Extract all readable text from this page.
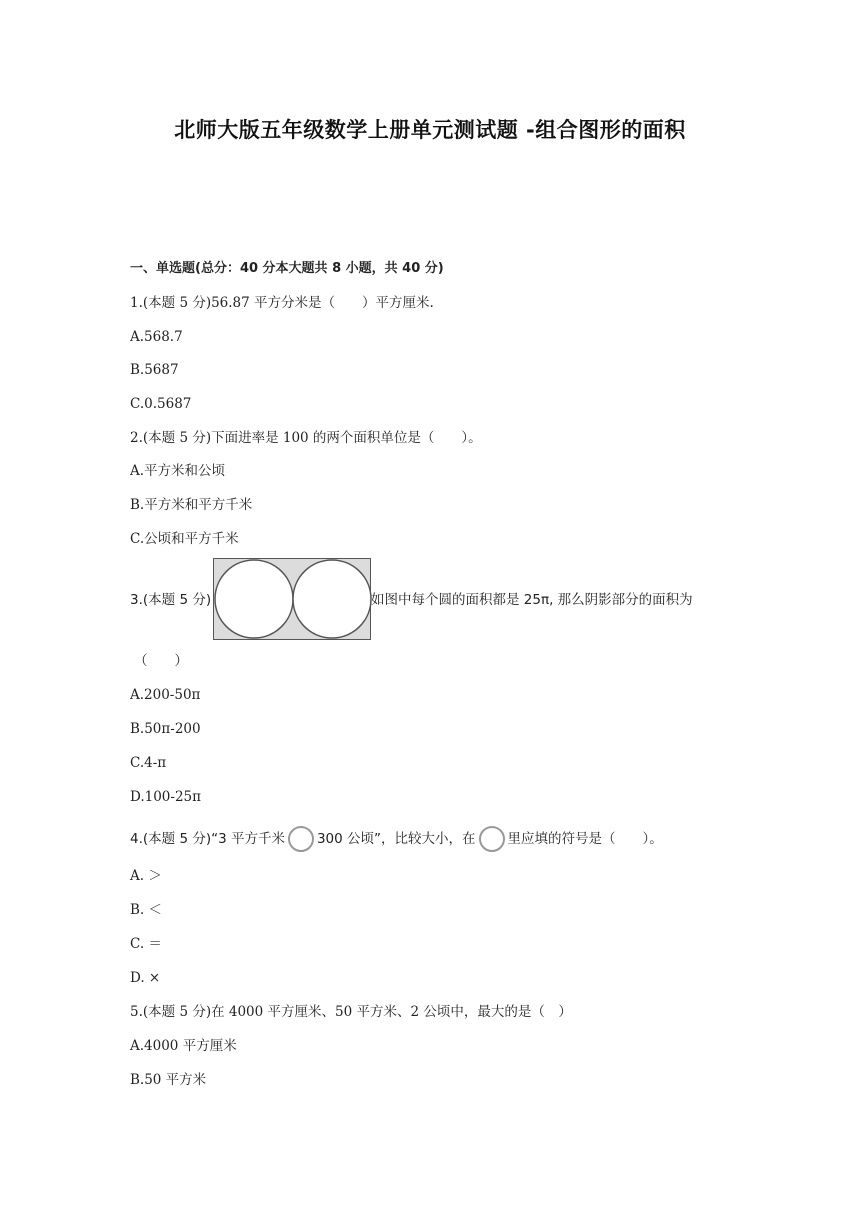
北师大版五年级数学上册单元测试题 -组合图形的面积
一、单选题(总分：40 分本大题共 8 小题，共 40 分)
1.(本题 5 分)56.87 平方分米是（　　）平方厘米.
A.568.7
B.5687
C.0.5687
2.(本题 5 分)下面进率是 100 的两个面积单位是（　　）。
A.平方米和公顷
B.平方米和平方千米
C.公顷和平方千米
3.(本题 5 分)	如图中每个圆的面积都是 25π, 那么阴影部分的面积为
（　　）
A.200-50π
B.50π-200
C.4-π
D.100-25π
4.(本题 5 分)“3 平方千米 300 公顷”，比较大小，在 里应填的符号是（　　）。
A. ＞
B. ＜
C. ＝
D. ×
5.(本题 5 分)在 4000 平方厘米、50 平方米、2 公顷中，最大的是（　）
A.4000 平方厘米
B.50 平方米
